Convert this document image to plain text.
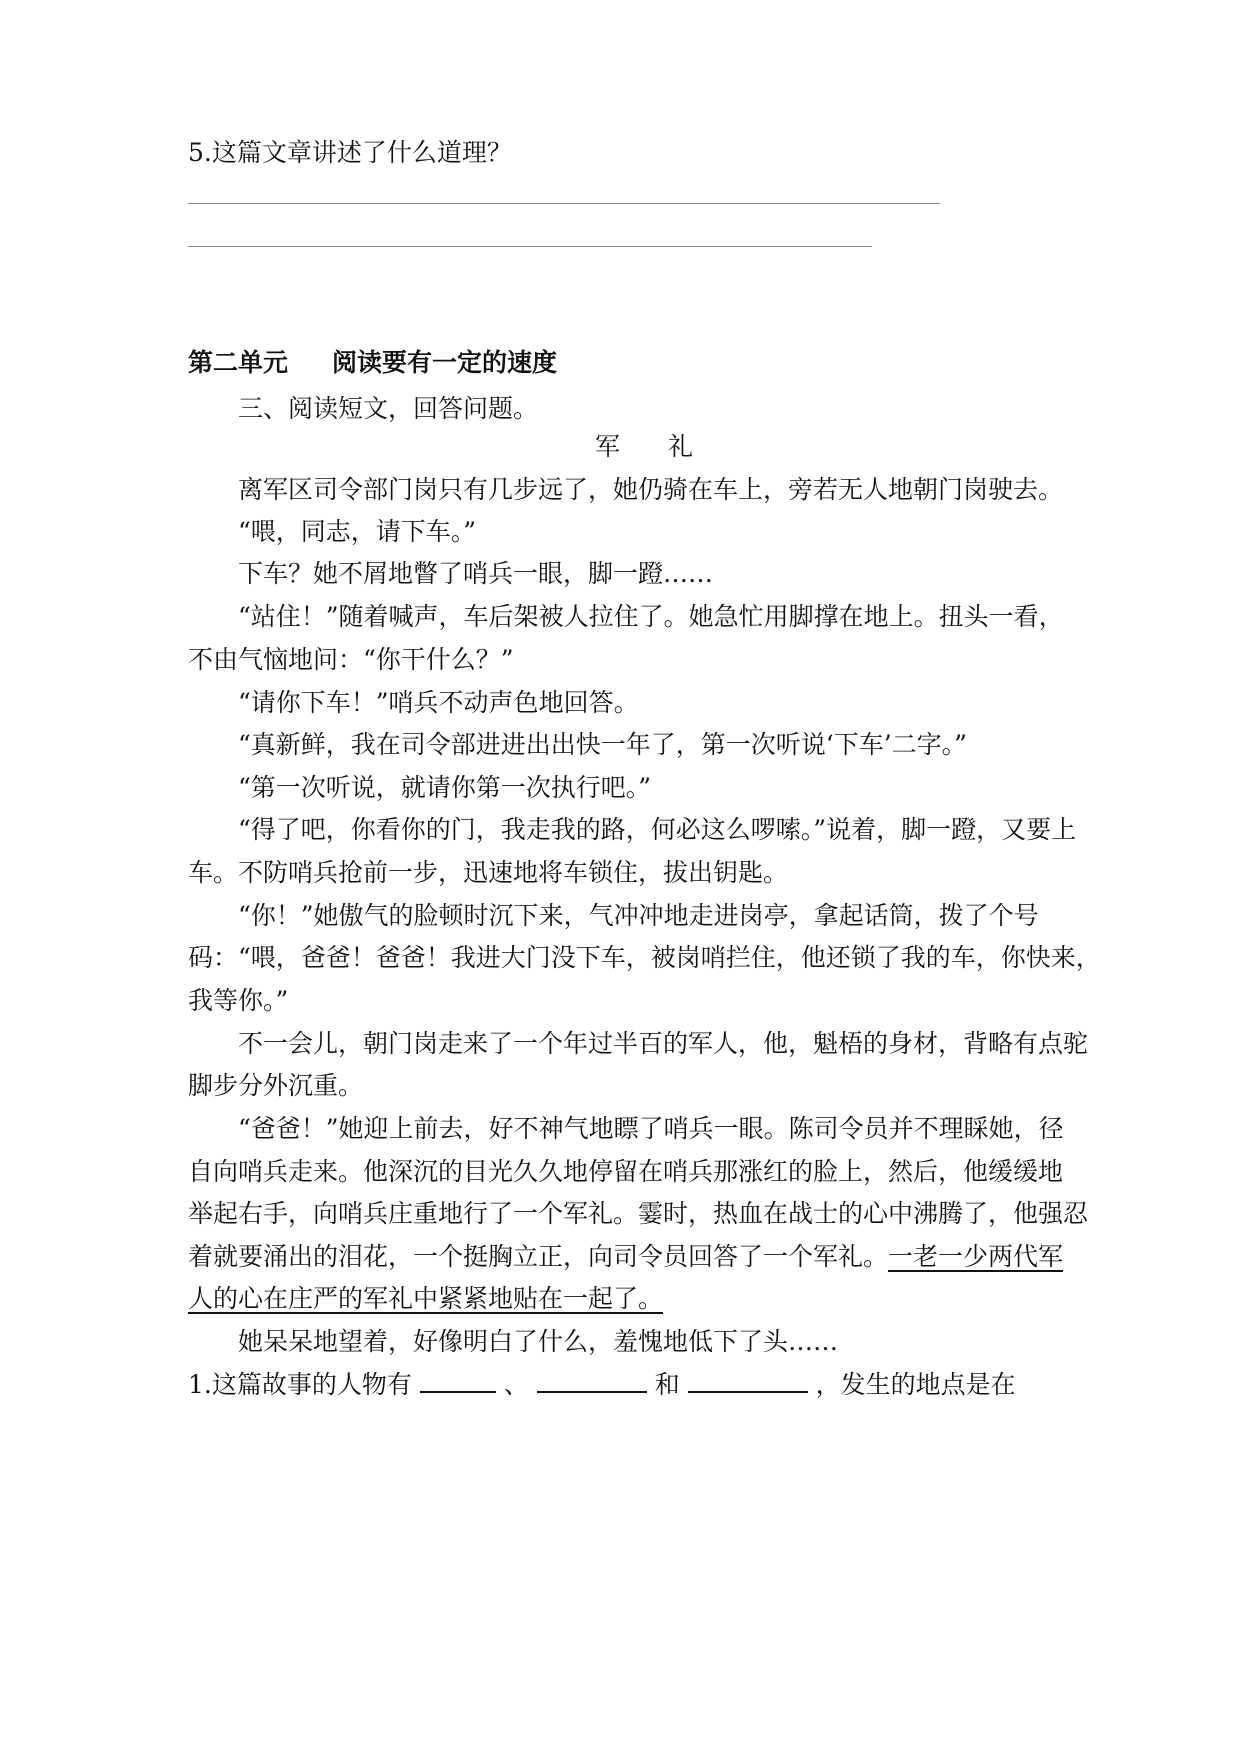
5.这篇文章讲述了什么道理？
第二单元 阅读要有一定的速度
三、阅读短文，回答问题。
军礼
离军区司令部门岗只有几步远了，她仍骑在车上，旁若无人地朝门岗驶去。
“喂，同志，请下车。”
下车？她不屑地瞥了哨兵一眼，脚一蹬……
“站住！”随着喊声，车后架被人拉住了。她急忙用脚撑在地上。扭头一看，
不由气恼地问：“你干什么？”
“请你下车！”哨兵不动声色地回答。
“真新鲜，我在司令部进进出出快一年了，第一次听说‘下车’二字。”
“第一次听说，就请你第一次执行吧。”
“得了吧，你看你的门，我走我的路，何必这么啰嗦。”说着，脚一蹬，又要上
车。不防哨兵抢前一步，迅速地将车锁住，拔出钥匙。
“你！”她傲气的脸顿时沉下来，气冲冲地走进岗亭，拿起话筒，拨了个号
码：“喂，爸爸！爸爸！我进大门没下车，被岗哨拦住，他还锁了我的车，你快来，
我等你。”
不一会儿，朝门岗走来了一个年过半百的军人，他，魁梧的身材，背略有点驼
脚步分外沉重。
“爸爸！”她迎上前去，好不神气地瞟了哨兵一眼。陈司令员并不理睬她，径
自向哨兵走来。他深沉的目光久久地停留在哨兵那涨红的脸上，然后，他缓缓地
举起右手，向哨兵庄重地行了一个军礼。霎时，热血在战士的心中沸腾了，他强忍
着就要涌出的泪花，一个挺胸立正，向司令员回答了一个军礼。一老一少两代军
人的心在庄严的军礼中紧紧地贴在一起了。
她呆呆地望着，好像明白了什么，羞愧地低下了头……
1.这篇故事的人物有	、	和	，发生的地点是在
